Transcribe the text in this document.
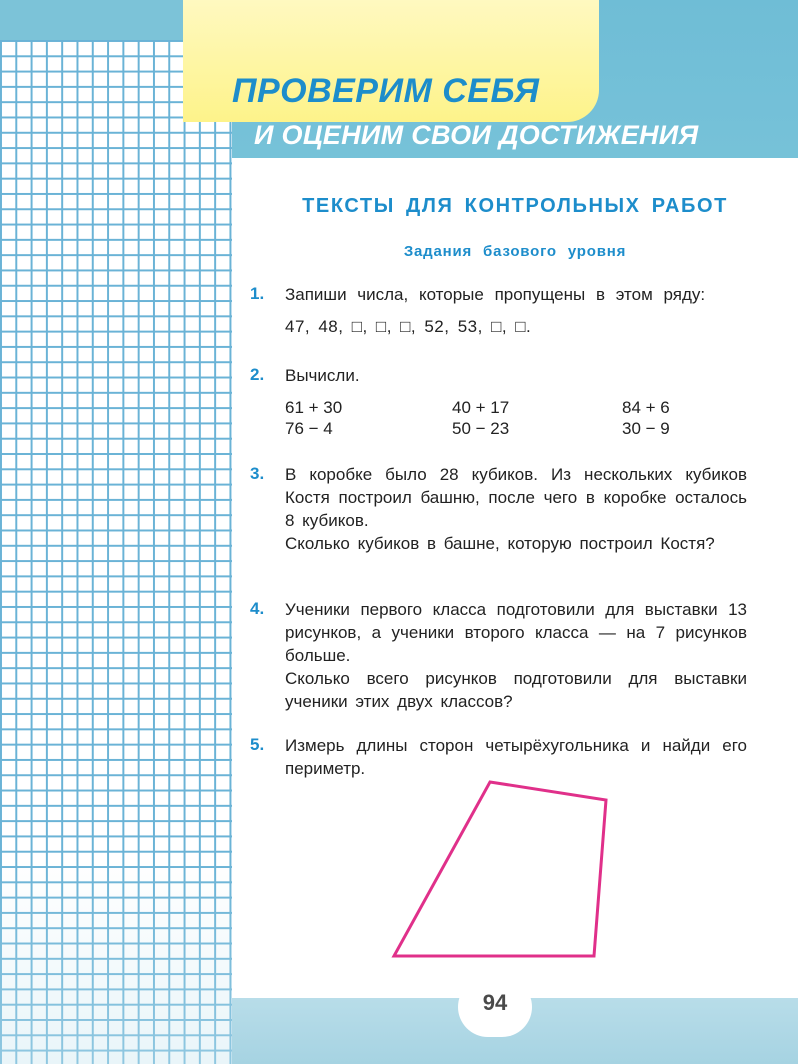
ПРОВЕРИМ СЕБЯ
И ОЦЕНИМ СВОИ ДОСТИЖЕНИЯ
ТЕКСТЫ ДЛЯ КОНТРОЛЬНЫХ РАБОТ
Задания базового уровня
1. Запиши числа, которые пропущены в этом ряду:
47, 48, □, □, □, 52, 53, □, □.
2. Вычисли.
61 + 30	40 + 17	84 + 6
76 − 4	50 − 23	30 − 9
3. В коробке было 28 кубиков. Из нескольких кубиков Костя построил башню, после чего в коробке осталось 8 кубиков.
Сколько кубиков в башне, которую построил Костя?
4. Ученики первого класса подготовили для выставки 13 рисунков, а ученики второго класса — на 7 рисунков больше.
Сколько всего рисунков подготовили для выставки ученики этих двух классов?
5. Измерь длины сторон четырёхугольника и найди его периметр.
94
